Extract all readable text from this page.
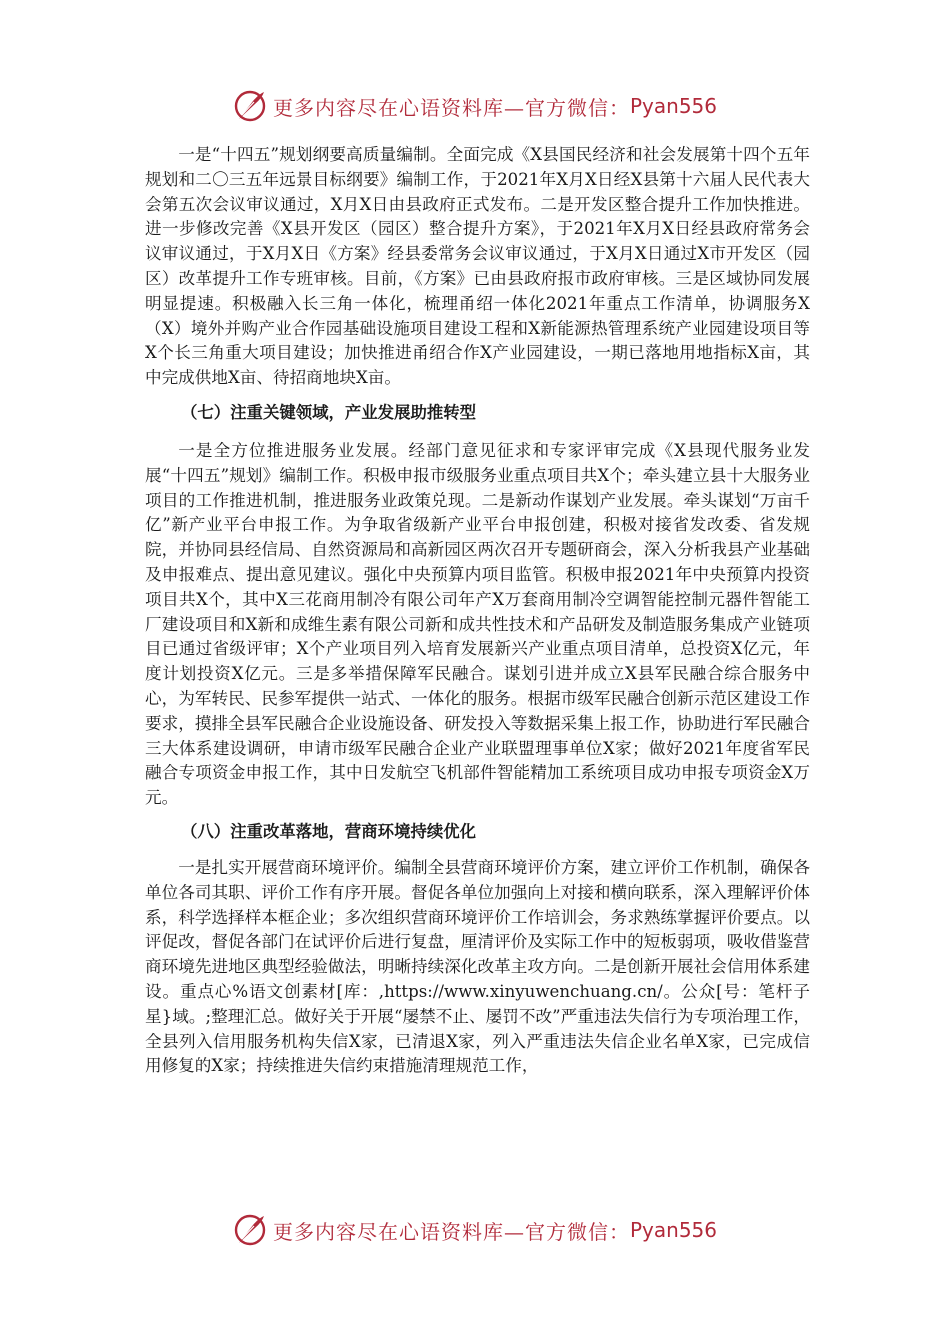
更多内容尽在心语资料库—官方微信： Pyan556

一是“十四五”规划纲要高质量编制。全面完成《X县国民经济和社会发展第十四个五年规划和二〇三五年远景目标纲要》编制工作，于2021年X月X日经X县第十六届人民代表大会第五次会议审议通过，X月X日由县政府正式发布。二是开发区整合提升工作加快推进。进一步修改完善《X县开发区（园区）整合提升方案》，于2021年X月X日经县政府常务会议审议通过，于X月X日《方案》经县委常务会议审议通过，于X月X日通过X市开发区（园区）改革提升工作专班审核。目前，《方案》已由县政府报市政府审核。三是区域协同发展明显提速。积极融入长三角一体化，梳理甬绍一体化2021年重点工作清单，协调服务X（X）境外并购产业合作园基础设施项目建设工程和X新能源热管理系统产业园建设项目等X个长三角重大项目建设；加快推进甬绍合作X产业园建设，一期已落地用地指标X亩，其中完成供地X亩、待招商地块X亩。

（七）注重关键领域，产业发展助推转型

一是全方位推进服务业发展。经部门意见征求和专家评审完成《X县现代服务业发展“十四五”规划》编制工作。积极申报市级服务业重点项目共X个；牵头建立县十大服务业项目的工作推进机制，推进服务业政策兑现。二是新动作谋划产业发展。牵头谋划“万亩千亿”新产业平台申报工作。为争取省级新产业平台申报创建，积极对接省发改委、省发规院，并协同县经信局、自然资源局和高新园区两次召开专题研商会，深入分析我县产业基础及申报难点、提出意见建议。强化中央预算内项目监管。积极申报2021年中央预算内投资项目共X个，其中X三花商用制冷有限公司年产X万套商用制冷空调智能控制元器件智能工厂建设项目和X新和成维生素有限公司新和成共性技术和产品研发及制造服务集成产业链项目已通过省级评审；X个产业项目列入培育发展新兴产业重点项目清单，总投资X亿元，年度计划投资X亿元。三是多举措保障军民融合。谋划引进并成立X县军民融合综合服务中心，为军转民、民参军提供一站式、一体化的服务。根据市级军民融合创新示范区建设工作要求，摸排全县军民融合企业设施设备、研发投入等数据采集上报工作，协助进行军民融合三大体系建设调研，申请市级军民融合企业产业联盟理事单位X家；做好2021年度省军民融合专项资金申报工作，其中日发航空飞机部件智能精加工系统项目成功申报专项资金X万元。

（八）注重改革落地，营商环境持续优化

一是扎实开展营商环境评价。编制全县营商环境评价方案，建立评价工作机制，确保各单位各司其职、评价工作有序开展。督促各单位加强向上对接和横向联系，深入理解评价体系，科学选择样本框企业；多次组织营商环境评价工作培训会，务求熟练掌握评价要点。以评促改，督促各部门在试评价后进行复盘，厘清评价及实际工作中的短板弱项，吸收借鉴营商环境先进地区典型经验做法，明晰持续深化改革主攻方向。二是创新开展社会信用体系建设。重点心%语文创素材[库：,https://www.xinyuwenchuang.cn/。公众[号：笔杆子星}域。;整理汇总。做好关于开展“屡禁不止、屡罚不改”严重违法失信行为专项治理工作，全县列入信用服务机构失信X家，已清退X家，列入严重违法失信企业名单X家，已完成信用修复的X家；持续推进失信约束措施清理规范工作，

更多内容尽在心语资料库—官方微信： Pyan556
